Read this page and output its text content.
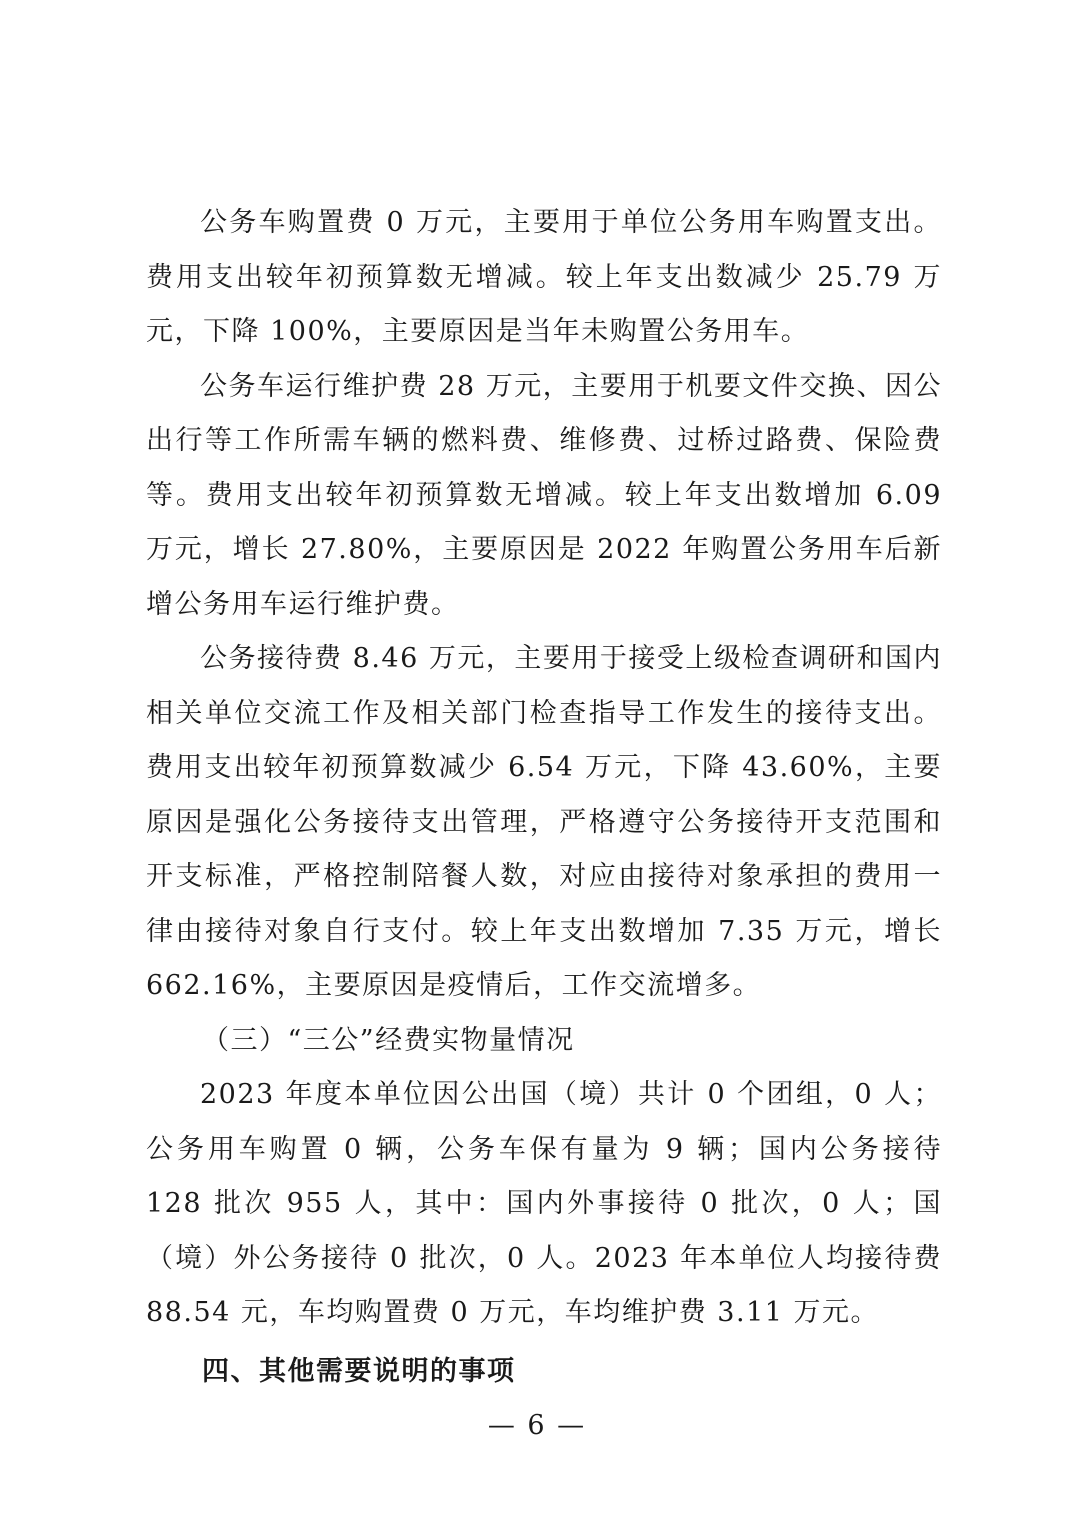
公务车购置费 0 万元，主要用于单位公务用车购置支出。费用支出较年初预算数无增减。较上年支出数减少 25.79 万元，下降 100%，主要原因是当年未购置公务用车。

公务车运行维护费 28 万元，主要用于机要文件交换、因公出行等工作所需车辆的燃料费、维修费、过桥过路费、保险费等。费用支出较年初预算数无增减。较上年支出数增加 6.09 万元，增长 27.80%，主要原因是 2022 年购置公务用车后新增公务用车运行维护费。

公务接待费 8.46 万元，主要用于接受上级检查调研和国内相关单位交流工作及相关部门检查指导工作发生的接待支出。费用支出较年初预算数减少 6.54 万元，下降 43.60%，主要原因是强化公务接待支出管理，严格遵守公务接待开支范围和开支标准，严格控制陪餐人数，对应由接待对象承担的费用一律由接待对象自行支付。较上年支出数增加 7.35 万元，增长 662.16%，主要原因是疫情后，工作交流增多。

（三）“三公”经费实物量情况

2023 年度本单位因公出国（境）共计 0 个团组，0 人；公务用车购置 0 辆，公务车保有量为 9 辆；国内公务接待 128 批次 955 人，其中：国内外事接待 0 批次，0 人；国（境）外公务接待 0 批次，0 人。2023 年本单位人均接待费 88.54 元，车均购置费 0 万元，车均维护费 3.11 万元。

四、其他需要说明的事项

— 6 —
